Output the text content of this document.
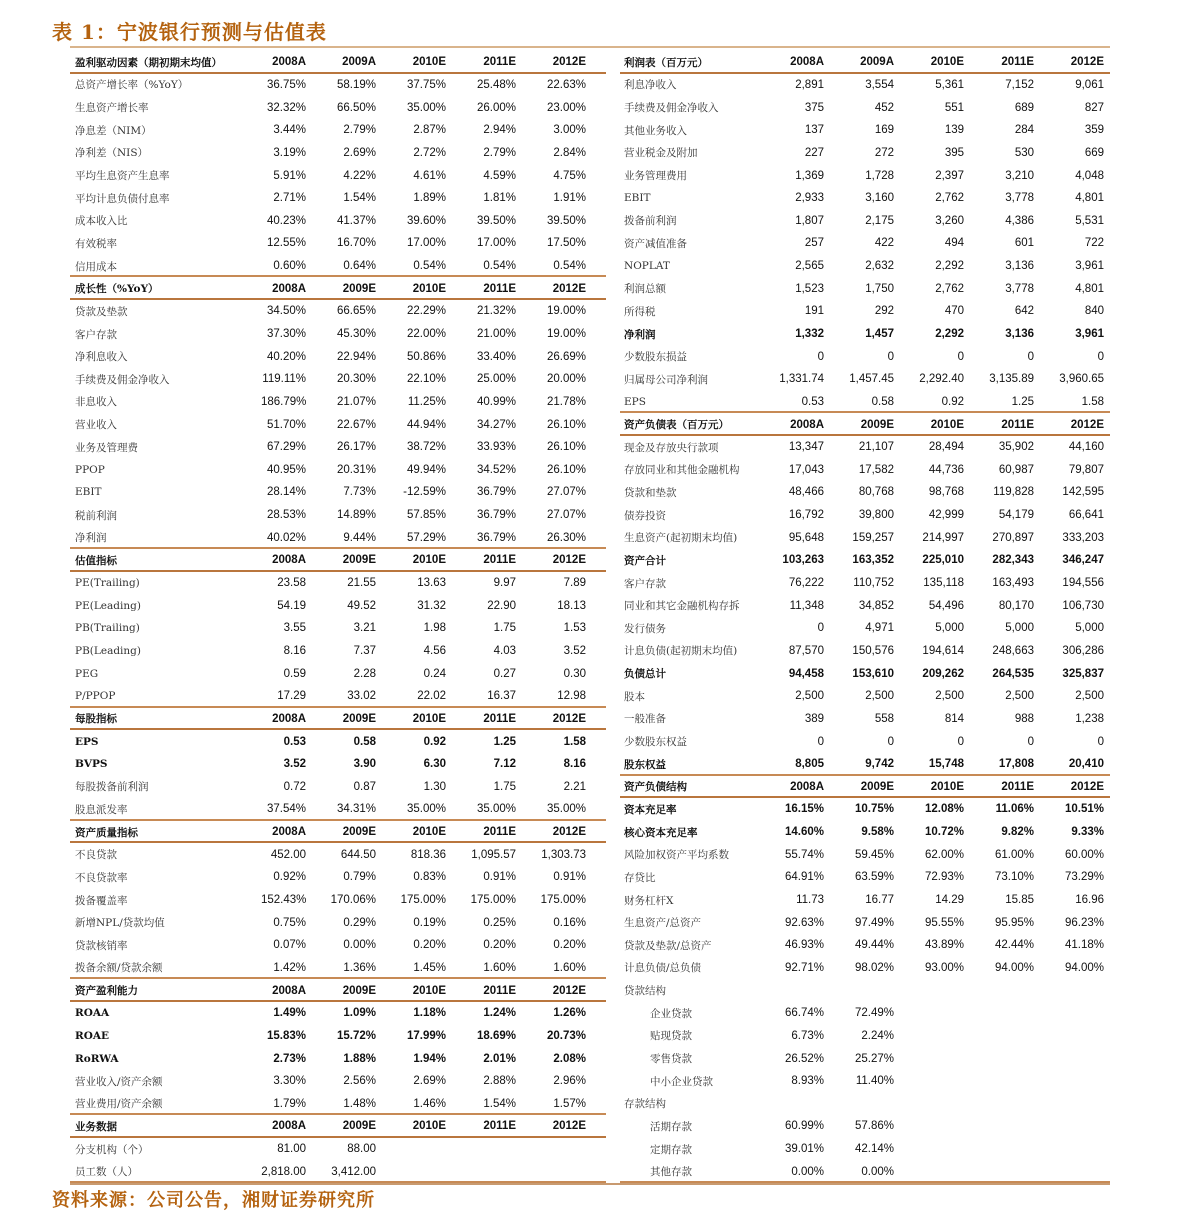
表 1：宁波银行预测与估值表
盈利驱动因素（期初期末均值）	2008A	2009A	2010E	2011E	2012E
总资产增长率（%YoY）	36.75%	58.19%	37.75%	25.48%	22.63%
生息资产增长率	32.32%	66.50%	35.00%	26.00%	23.00%
净息差（NIM）	3.44%	2.79%	2.87%	2.94%	3.00%
净利差（NIS）	3.19%	2.69%	2.72%	2.79%	2.84%
平均生息资产生息率	5.91%	4.22%	4.61%	4.59%	4.75%
平均计息负债付息率	2.71%	1.54%	1.89%	1.81%	1.91%
成本收入比	40.23%	41.37%	39.60%	39.50%	39.50%
有效税率	12.55%	16.70%	17.00%	17.00%	17.50%
信用成本	0.60%	0.64%	0.54%	0.54%	0.54%
成长性（%YoY）	2008A	2009E	2010E	2011E	2012E
贷款及垫款	34.50%	66.65%	22.29%	21.32%	19.00%
客户存款	37.30%	45.30%	22.00%	21.00%	19.00%
净利息收入	40.20%	22.94%	50.86%	33.40%	26.69%
手续费及佣金净收入	119.11%	20.30%	22.10%	25.00%	20.00%
非息收入	186.79%	21.07%	11.25%	40.99%	21.78%
营业收入	51.70%	22.67%	44.94%	34.27%	26.10%
业务及管理费	67.29%	26.17%	38.72%	33.93%	26.10%
PPOP	40.95%	20.31%	49.94%	34.52%	26.10%
EBIT	28.14%	7.73%	-12.59%	36.79%	27.07%
税前利润	28.53%	14.89%	57.85%	36.79%	27.07%
净利润	40.02%	9.44%	57.29%	36.79%	26.30%
估值指标	2008A	2009E	2010E	2011E	2012E
PE(Trailing)	23.58	21.55	13.63	9.97	7.89
PE(Leading)	54.19	49.52	31.32	22.90	18.13
PB(Trailing)	3.55	3.21	1.98	1.75	1.53
PB(Leading)	8.16	7.37	4.56	4.03	3.52
PEG	0.59	2.28	0.24	0.27	0.30
P/PPOP	17.29	33.02	22.02	16.37	12.98
每股指标	2008A	2009E	2010E	2011E	2012E
EPS	0.53	0.58	0.92	1.25	1.58
BVPS	3.52	3.90	6.30	7.12	8.16
每股拨备前利润	0.72	0.87	1.30	1.75	2.21
股息派发率	37.54%	34.31%	35.00%	35.00%	35.00%
资产质量指标	2008A	2009E	2010E	2011E	2012E
不良贷款	452.00	644.50	818.36	1,095.57	1,303.73
不良贷款率	0.92%	0.79%	0.83%	0.91%	0.91%
拨备覆盖率	152.43%	170.06%	175.00%	175.00%	175.00%
新增NPL/贷款均值	0.75%	0.29%	0.19%	0.25%	0.16%
贷款核销率	0.07%	0.00%	0.20%	0.20%	0.20%
拨备余额/贷款余额	1.42%	1.36%	1.45%	1.60%	1.60%
资产盈利能力	2008A	2009E	2010E	2011E	2012E
ROAA	1.49%	1.09%	1.18%	1.24%	1.26%
ROAE	15.83%	15.72%	17.99%	18.69%	20.73%
RoRWA	2.73%	1.88%	1.94%	2.01%	2.08%
营业收入/资产余额	3.30%	2.56%	2.69%	2.88%	2.96%
营业费用/资产余额	1.79%	1.48%	1.46%	1.54%	1.57%
业务数据	2008A	2009E	2010E	2011E	2012E
分支机构（个）	81.00	88.00
员工数（人）	2,818.00	3,412.00
利润表（百万元）	2008A	2009A	2010E	2011E	2012E
利息净收入	2,891	3,554	5,361	7,152	9,061
手续费及佣金净收入	375	452	551	689	827
其他业务收入	137	169	139	284	359
营业税金及附加	227	272	395	530	669
业务管理费用	1,369	1,728	2,397	3,210	4,048
EBIT	2,933	3,160	2,762	3,778	4,801
拨备前利润	1,807	2,175	3,260	4,386	5,531
资产减值准备	257	422	494	601	722
NOPLAT	2,565	2,632	2,292	3,136	3,961
利润总额	1,523	1,750	2,762	3,778	4,801
所得税	191	292	470	642	840
净利润	1,332	1,457	2,292	3,136	3,961
少数股东损益	0	0	0	0	0
归属母公司净利润	1,331.74	1,457.45	2,292.40	3,135.89	3,960.65
EPS	0.53	0.58	0.92	1.25	1.58
资产负债表（百万元）	2008A	2009E	2010E	2011E	2012E
现金及存放央行款项	13,347	21,107	28,494	35,902	44,160
存放同业和其他金融机构	17,043	17,582	44,736	60,987	79,807
贷款和垫款	48,466	80,768	98,768	119,828	142,595
债券投资	16,792	39,800	42,999	54,179	66,641
生息资产(起初期末均值)	95,648	159,257	214,997	270,897	333,203
资产合计	103,263	163,352	225,010	282,343	346,247
客户存款	76,222	110,752	135,118	163,493	194,556
同业和其它金融机构存拆	11,348	34,852	54,496	80,170	106,730
发行债务	0	4,971	5,000	5,000	5,000
计息负债(起初期末均值)	87,570	150,576	194,614	248,663	306,286
负债总计	94,458	153,610	209,262	264,535	325,837
股本	2,500	2,500	2,500	2,500	2,500
一般准备	389	558	814	988	1,238
少数股东权益	0	0	0	0	0
股东权益	8,805	9,742	15,748	17,808	20,410
资产负债结构	2008A	2009E	2010E	2011E	2012E
资本充足率	16.15%	10.75%	12.08%	11.06%	10.51%
核心资本充足率	14.60%	9.58%	10.72%	9.82%	9.33%
风险加权资产平均系数	55.74%	59.45%	62.00%	61.00%	60.00%
存贷比	64.91%	63.59%	72.93%	73.10%	73.29%
财务杠杆X	11.73	16.77	14.29	15.85	16.96
生息资产/总资产	92.63%	97.49%	95.55%	95.95%	96.23%
贷款及垫款/总资产	46.93%	49.44%	43.89%	42.44%	41.18%
计息负债/总负债	92.71%	98.02%	93.00%	94.00%	94.00%
贷款结构
企业贷款	66.74%	72.49%
贴现贷款	6.73%	2.24%
零售贷款	26.52%	25.27%
中小企业贷款	8.93%	11.40%
存款结构
活期存款	60.99%	57.86%
定期存款	39.01%	42.14%
其他存款	0.00%	0.00%
资料来源：公司公告，湘财证券研究所
